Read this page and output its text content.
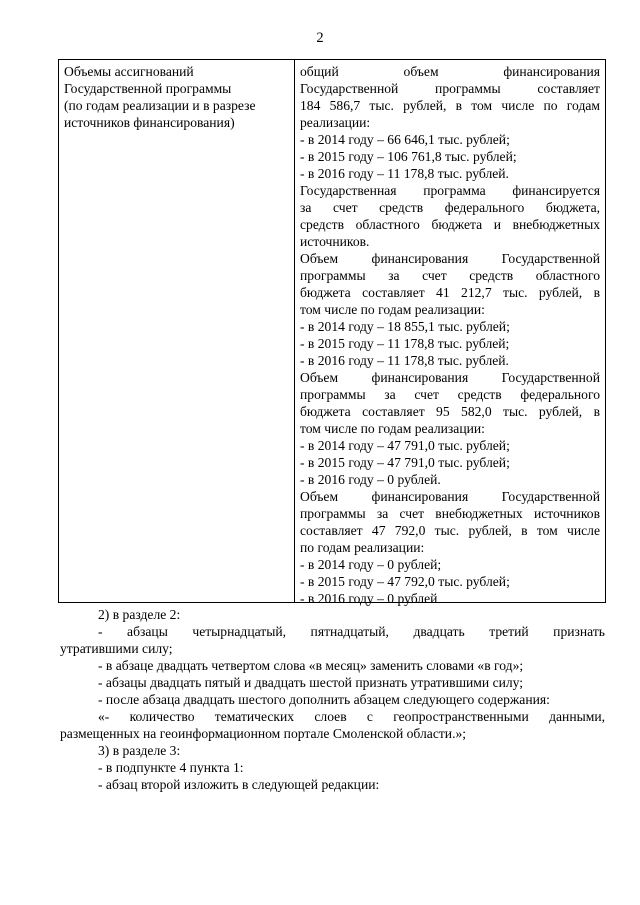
2
Объемы ассигнований
Государственной программы
(по годам реализации и в разрезе
источников финансирования)
общий объем финансирования
Государственной программы составляет
184 586,7 тыс. рублей, в том числе по годам
реализации:
- в 2014 году – 66 646,1 тыс. рублей;
- в 2015 году – 106 761,8 тыс. рублей;
- в 2016 году – 11 178,8 тыс. рублей.
Государственная программа финансируется
за счет средств федерального бюджета,
средств областного бюджета и внебюджетных
источников.
Объем финансирования Государственной
программы за счет средств областного
бюджета составляет 41 212,7 тыс. рублей, в
том числе по годам реализации:
- в 2014 году – 18 855,1 тыс. рублей;
- в 2015 году – 11 178,8 тыс. рублей;
- в 2016 году – 11 178,8 тыс. рублей.
Объем финансирования Государственной
программы за счет средств федерального
бюджета составляет 95 582,0 тыс. рублей, в
том числе по годам реализации:
- в 2014 году – 47 791,0 тыс. рублей;
- в 2015 году – 47 791,0 тыс. рублей;
- в 2016 году – 0 рублей.
Объем финансирования Государственной
программы за счет внебюджетных источников
составляет 47 792,0 тыс. рублей, в том числе
по годам реализации:
- в 2014 году – 0 рублей;
- в 2015 году – 47 792,0 тыс. рублей;
- в 2016 году – 0 рублей
2) в разделе 2:
- абзацы четырнадцатый, пятнадцатый, двадцать третий признать
утратившими силу;
- в абзаце двадцать четвертом слова «в месяц» заменить словами «в год»;
- абзацы двадцать пятый и двадцать шестой признать утратившими силу;
- после абзаца двадцать шестого дополнить абзацем следующего содержания:
«- количество тематических слоев с геопространственными данными,
размещенных на геоинформационном портале Смоленской области.»;
3) в разделе 3:
- в подпункте 4 пункта 1:
- абзац второй изложить в следующей редакции:
